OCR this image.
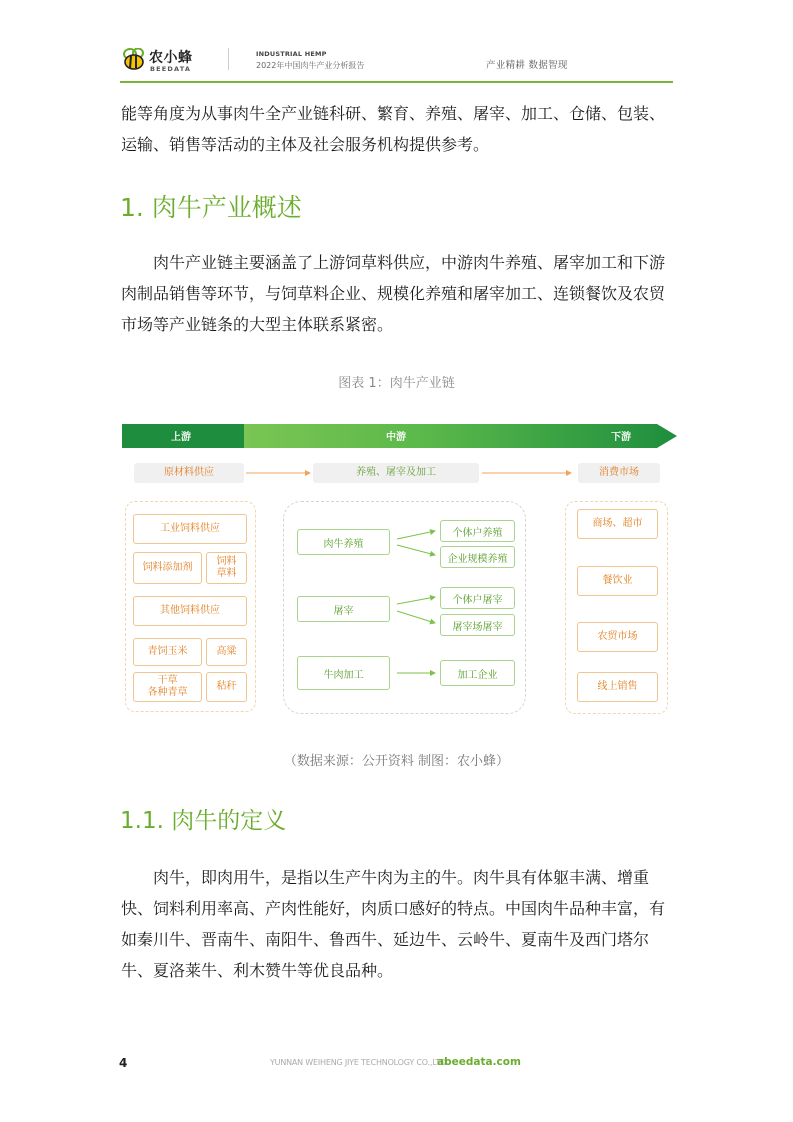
农小蜂
BEEDATA
INDUSTRIAL HEMP
2022年中国肉牛产业分析报告	产业精耕 数据智现
能等角度为从事肉牛全产业链科研、繁育、养殖、屠宰、加工、仓储、包装、
运输、销售等活动的主体及社会服务机构提供参考。
1. 肉牛产业概述
肉牛产业链主要涵盖了上游饲草料供应，中游肉牛养殖、屠宰加工和下游
肉制品销售等环节，与饲草料企业、规模化养殖和屠宰加工、连锁餐饮及农贸
市场等产业链条的大型主体联系紧密。
图表 1：肉牛产业链
上游	中游	下游
原材料供应	养殖、屠宰及加工	消费市场
工业饲料供应
饲料添加剂
饲料
草料
其他饲料供应
青饲玉米	高粱
干草
各种青草
秸秆
肉牛养殖
屠宰
牛肉加工
个体户养殖
企业规模养殖
个体户屠宰
屠宰场屠宰
加工企业
商场、超市
餐饮业
农贸市场
线上销售
（数据来源：公开资料 制图：农小蜂）
1.1. 肉牛的定义
肉牛，即肉用牛，是指以生产牛肉为主的牛。肉牛具有体躯丰满、增重
快、饲料利用率高、产肉性能好，肉质口感好的特点。中国肉牛品种丰富，有
如秦川牛、晋南牛、南阳牛、鲁西牛、延边牛、云岭牛、夏南牛及西门塔尔
牛、夏洛莱牛、利木赞牛等优良品种。
4	YUNNAN WEIHENG JIYE TECHNOLOGY CO.,LTD.
abeedata.com
